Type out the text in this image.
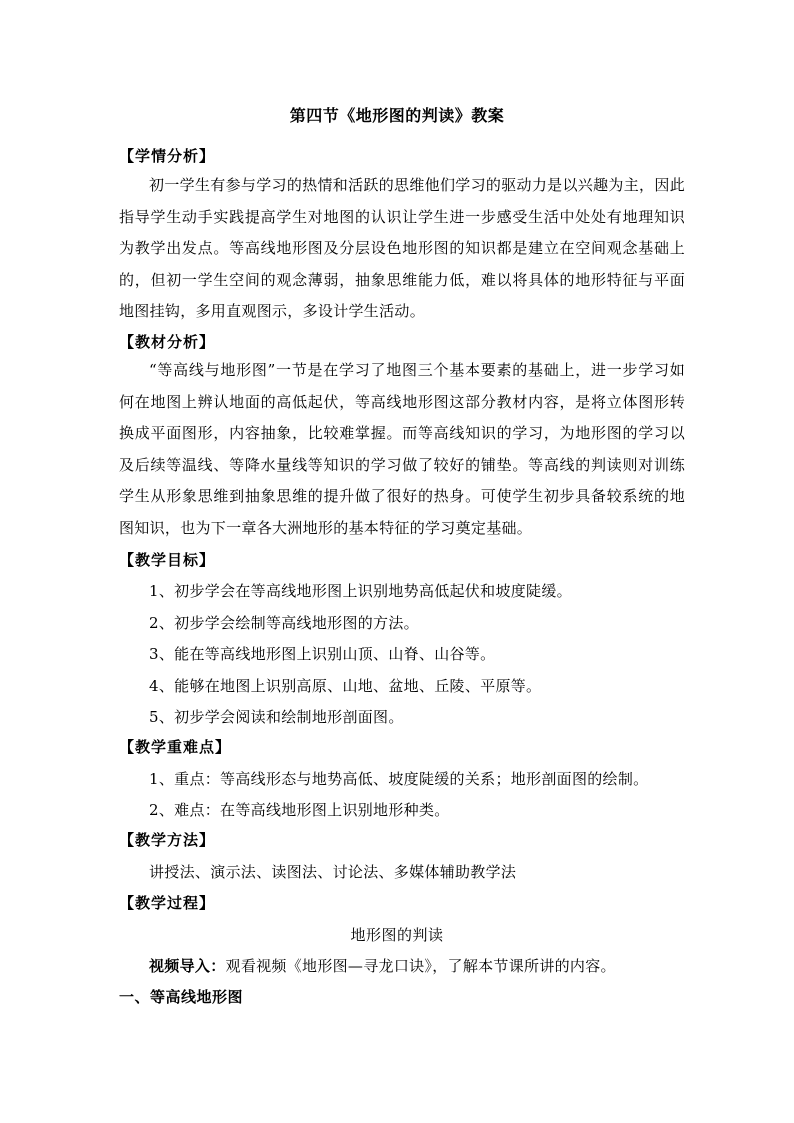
第四节《地形图的判读》教案
【学情分析】
初一学生有参与学习的热情和活跃的思维他们学习的驱动力是以兴趣为主，因此指导学生动手实践提高学生对地图的认识让学生进一步感受生活中处处有地理知识为教学出发点。等高线地形图及分层设色地形图的知识都是建立在空间观念基础上的，但初一学生空间的观念薄弱，抽象思维能力低，难以将具体的地形特征与平面地图挂钩，多用直观图示，多设计学生活动。
【教材分析】
“等高线与地形图”一节是在学习了地图三个基本要素的基础上，进一步学习如何在地图上辨认地面的高低起伏，等高线地形图这部分教材内容，是将立体图形转换成平面图形，内容抽象，比较难掌握。而等高线知识的学习，为地形图的学习以及后续等温线、等降水量线等知识的学习做了较好的铺垫。等高线的判读则对训练学生从形象思维到抽象思维的提升做了很好的热身。可使学生初步具备较系统的地图知识，也为下一章各大洲地形的基本特征的学习奠定基础。
【教学目标】
1、初步学会在等高线地形图上识别地势高低起伏和坡度陡缓。
2、初步学会绘制等高线地形图的方法。
3、能在等高线地形图上识别山顶、山脊、山谷等。
4、能够在地图上识别高原、山地、盆地、丘陵、平原等。
5、初步学会阅读和绘制地形剖面图。
【教学重难点】
1、重点：等高线形态与地势高低、坡度陡缓的关系；地形剖面图的绘制。
2、难点：在等高线地形图上识别地形种类。
【教学方法】
讲授法、演示法、读图法、讨论法、多媒体辅助教学法
【教学过程】
地形图的判读
视频导入：观看视频《地形图—寻龙口诀》，了解本节课所讲的内容。
一、等高线地形图
